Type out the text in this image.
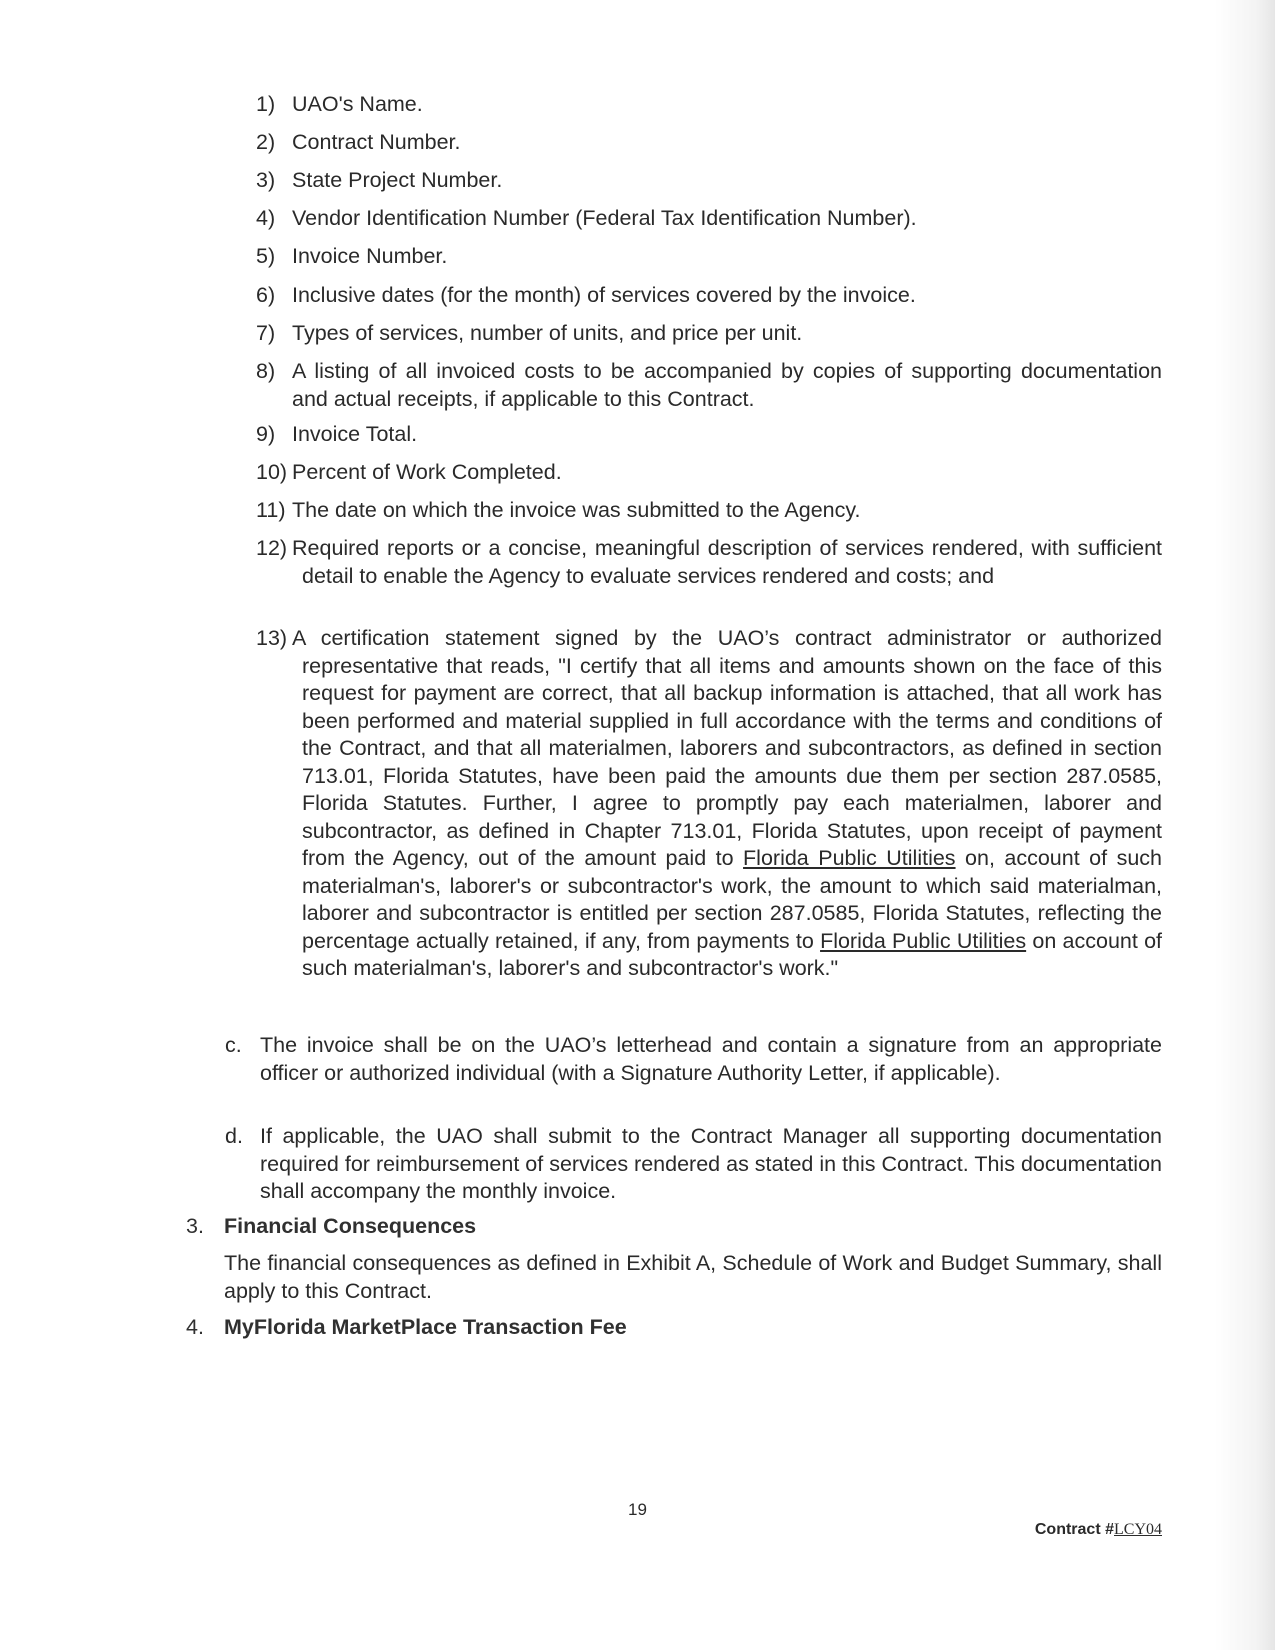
1) UAO's Name.
2) Contract Number.
3) State Project Number.
4) Vendor Identification Number (Federal Tax Identification Number).
5) Invoice Number.
6) Inclusive dates (for the month) of services covered by the invoice.
7) Types of services, number of units, and price per unit.
8) A listing of all invoiced costs to be accompanied by copies of supporting documentation and actual receipts, if applicable to this Contract.
9) Invoice Total.
10) Percent of Work Completed.
11) The date on which the invoice was submitted to the Agency.
12) Required reports or a concise, meaningful description of services rendered, with sufficient detail to enable the Agency to evaluate services rendered and costs; and
13) A certification statement signed by the UAO’s contract administrator or authorized representative that reads, "I certify that all items and amounts shown on the face of this request for payment are correct, that all backup information is attached, that all work has been performed and material supplied in full accordance with the terms and conditions of the Contract, and that all materialmen, laborers and subcontractors, as defined in section 713.01, Florida Statutes, have been paid the amounts due them per section 287.0585, Florida Statutes. Further, I agree to promptly pay each materialmen, laborer and subcontractor, as defined in Chapter 713.01, Florida Statutes, upon receipt of payment from the Agency, out of the amount paid to Florida Public Utilities on, account of such materialman's, laborer's or subcontractor's work, the amount to which said materialman, laborer and subcontractor is entitled per section 287.0585, Florida Statutes, reflecting the percentage actually retained, if any, from payments to Florida Public Utilities on account of such materialman's, laborer's and subcontractor's work."
c. The invoice shall be on the UAO’s letterhead and contain a signature from an appropriate officer or authorized individual (with a Signature Authority Letter, if applicable).
d. If applicable, the UAO shall submit to the Contract Manager all supporting documentation required for reimbursement of services rendered as stated in this Contract. This documentation shall accompany the monthly invoice.
3. Financial Consequences
The financial consequences as defined in Exhibit A, Schedule of Work and Budget Summary, shall apply to this Contract.
4. MyFlorida MarketPlace Transaction Fee
19
Contract #LCY04
